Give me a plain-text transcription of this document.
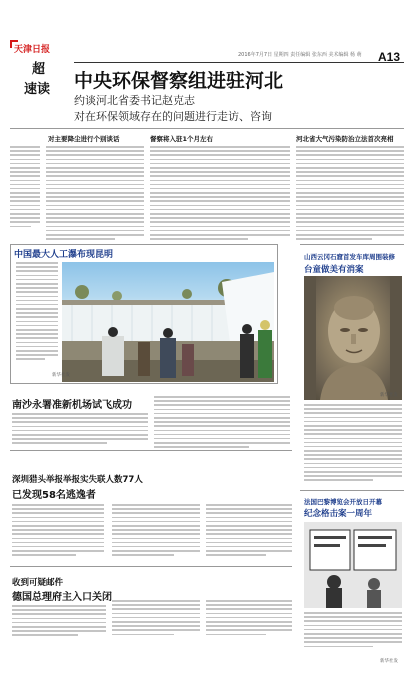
天津日报
超
速读
2016年7月7日 星期四 责任编辑 张东西 美术编辑 杨 萌 A13
中央环保督察组进驻河北
约谈河北省委书记赵克志
对在环保领域存在的问题进行走访、咨询
对主要降尘进行个别谈话	督察将入驻1个月左右	河北省大气污染防治立法首次亮相
中国最大人工瀑布现昆明
新华社发
南沙永署准新机场试飞成功
深圳猎头举报举报实失联人数77人
已发现58名逃逸者
收到可疑邮件
德国总理府主入口关闭
山西云冈石窟首发车库周围装修
台童做美有消案
新华社发
法国巴黎博览会开放日开幕
纪念格击案一周年
新华社发
